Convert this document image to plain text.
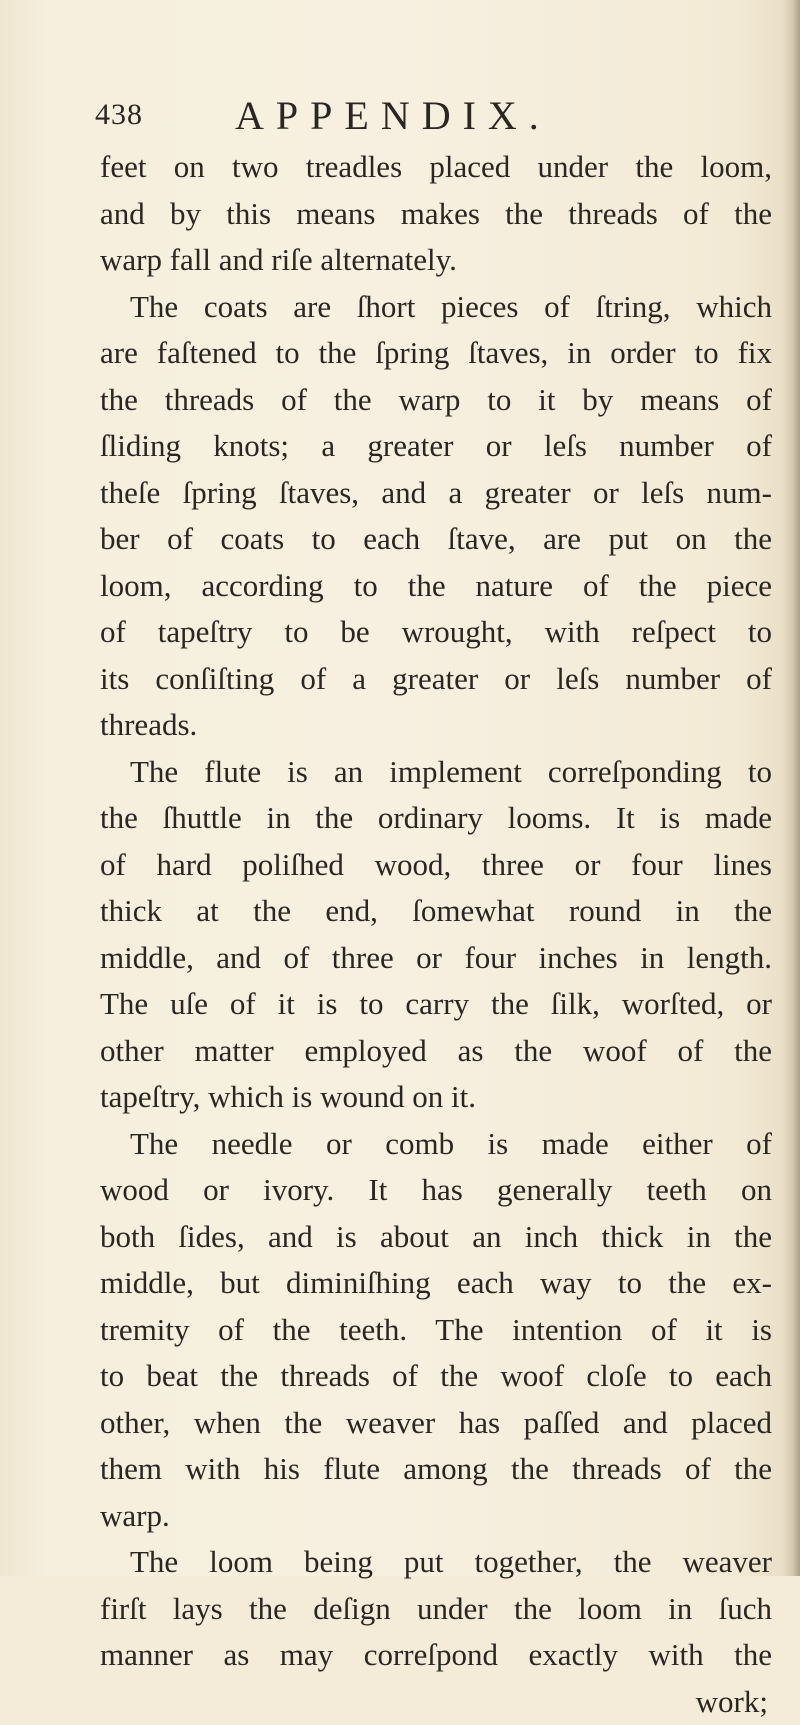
438 APPENDIX.
feet on two treadles placed under the loom,
and by this means makes the threads of the
warp fall and riſe alternately.
The coats are ſhort pieces of ſtring, which
are faſtened to the ſpring ſtaves, in order to fix
the threads of the warp to it by means of
ſliding knots; a greater or leſs number of
theſe ſpring ſtaves, and a greater or leſs num-
ber of coats to each ſtave, are put on the
loom, according to the nature of the piece
of tapeſtry to be wrought, with reſpect to
its conſiſting of a greater or leſs number of
threads.
The flute is an implement correſponding to
the ſhuttle in the ordinary looms. It is made
of hard poliſhed wood, three or four lines
thick at the end, ſomewhat round in the
middle, and of three or four inches in length.
The uſe of it is to carry the ſilk, worſted, or
other matter employed as the woof of the
tapeſtry, which is wound on it.
The needle or comb is made either of
wood or ivory. It has generally teeth on
both ſides, and is about an inch thick in the
middle, but diminiſhing each way to the ex-
tremity of the teeth. The intention of it is
to beat the threads of the woof cloſe to each
other, when the weaver has paſſed and placed
them with his flute among the threads of the
warp.
The loom being put together, the weaver
firſt lays the deſign under the loom in ſuch
manner as may correſpond exactly with the
work;
